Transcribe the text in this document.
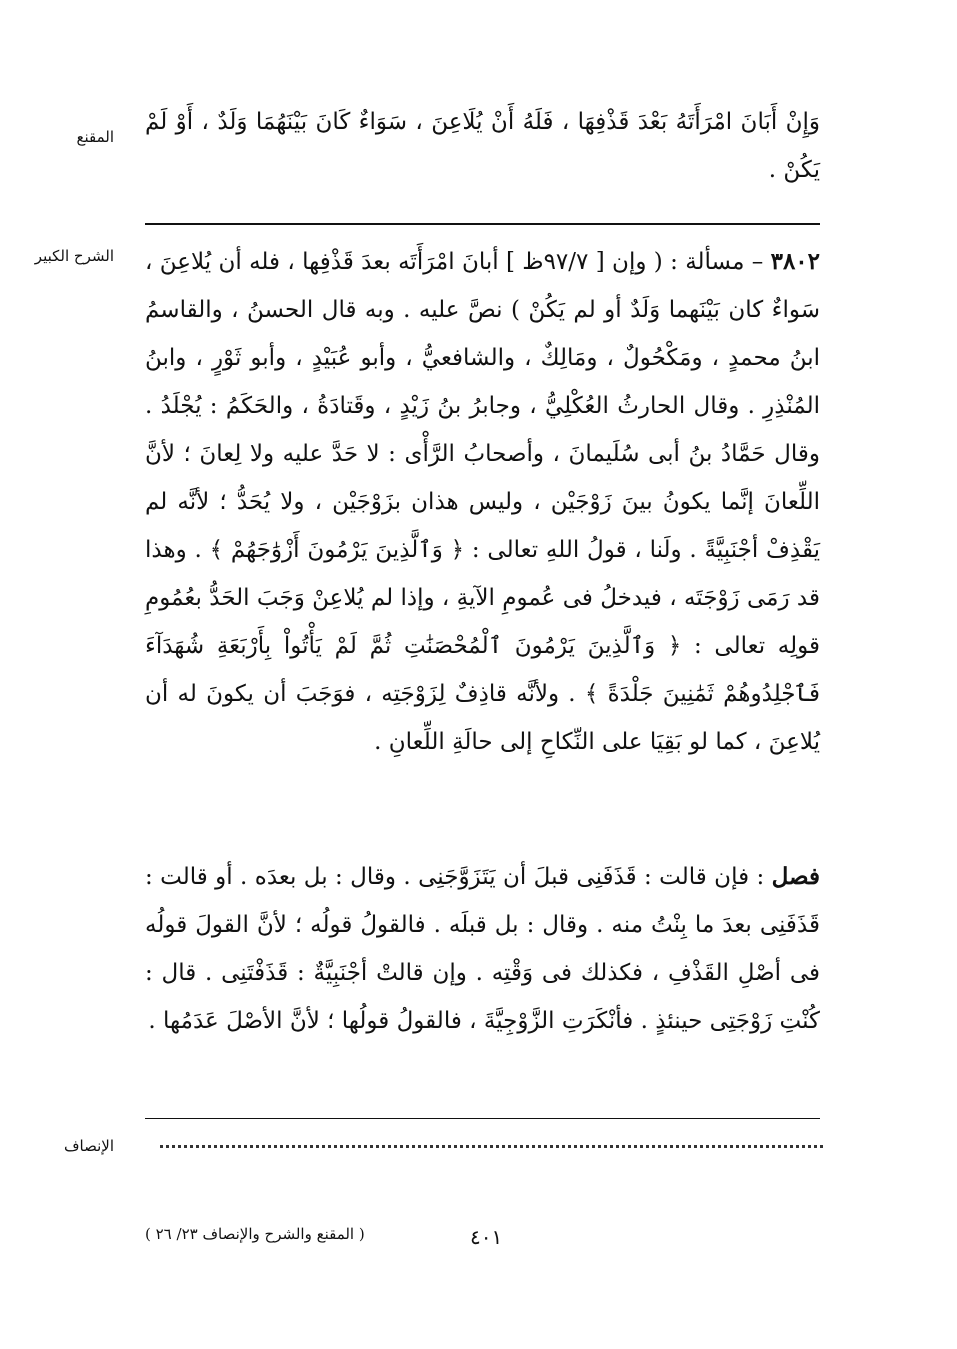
المقنع

وَإِنْ أَبَانَ امْرَأَتَهُ بَعْدَ قَذْفِهَا ، فَلَهُ أَنْ يُلَاعِنَ ، سَوَاءٌ كَانَ بَيْنَهُمَا وَلَدٌ ، أَوْ لَمْ يَكُنْ .

الشرح الكبير	٣٨٠٢ – مسألة : ( وإن [ ٩٧/٧ظ ] أبانَ امْرَأَتَه بعدَ قَذْفِها ، فله أن يُلاعِنَ ، سَواءٌ كان بَيْنَهما وَلَدٌ أو لم يَكُنْ ) نصَّ عليه . وبه قال الحسنُ ، والقاسمُ ابنُ محمدٍ ، ومَكْحُولٌ ، ومَالِكٌ ، والشافعيُّ ، وأبو عُبَيْدٍ ، وأبو ثَوْرٍ ، وابنُ المُنْذِرِ . وقال الحارثُ العُكْلِيُّ ، وجابرُ بنُ زَيْدٍ ، وقَتادَةُ ، والحَكَمُ : يُجْلَدُ . وقال حَمَّادُ بنُ أبى سُلَيمانَ ، وأصحابُ الرَّأْى : لا حَدَّ عليه ولا لِعانَ ؛ لأنَّ اللِّعانَ إنَّما يكونُ بينَ زَوْجَيْن ، وليس هذان بزَوْجَيْن ، ولا يُحَدُّ ؛ لأنَّه لم يَقْذِفْ أجْنَبِيَّةً . ولَنا ، قولُ اللهِ تعالى : ﴿ وَٱلَّذِينَ يَرْمُونَ أَزْوَٰجَهُمْ ﴾ . وهذا قد رَمَى زَوْجَتَه ، فيدخلُ فى عُمومِ الآيةِ ، وإذا لم يُلاعِنْ وَجَبَ الحَدُّ بعُمُومِ قولِه تعالى : ﴿ وَٱلَّذِينَ يَرْمُونَ ٱلْمُحْصَنَٰتِ ثُمَّ لَمْ يَأْتُواْ بِأَرْبَعَةِ شُهَدَآءَ فَٱجْلِدُوهُمْ ثَمَٰنِينَ جَلْدَةً ﴾ . ولأنَّه قاذِفٌ لِزَوْجَتِه ، فوَجَبَ أن يكونَ له أن يُلاعِنَ ، كما لو بَقِيَا على النِّكاحِ إلى حالَةِ اللِّعانِ .

فصل : فإن قالت : قَذَفَنِى قبلَ أن يَتَزَوَّجَنِى . وقال : بل بعدَه . أو قالت : قَذَفَنِى بعدَ ما بِنْتُ منه . وقال : بل قبلَه . فالقولُ قولُه ؛ لأنَّ القولَ قولُه فى أصْلِ القَذْفِ ، فكذلك فى وَقْتِه . وإن قالتْ أجْنَبِيَّةٌ : قَذَفْتَنِى . قال : كُنْتِ زَوْجَتِى حينئذٍ . فأنْكَرَتِ الزَّوْجِيَّةَ ، فالقولُ قولُها ؛ لأنَّ الأصْلَ عَدَمُها .

الإنصاف
٤٠١
( المقنع والشرح والإنصاف ٢٣/ ٢٦ )
